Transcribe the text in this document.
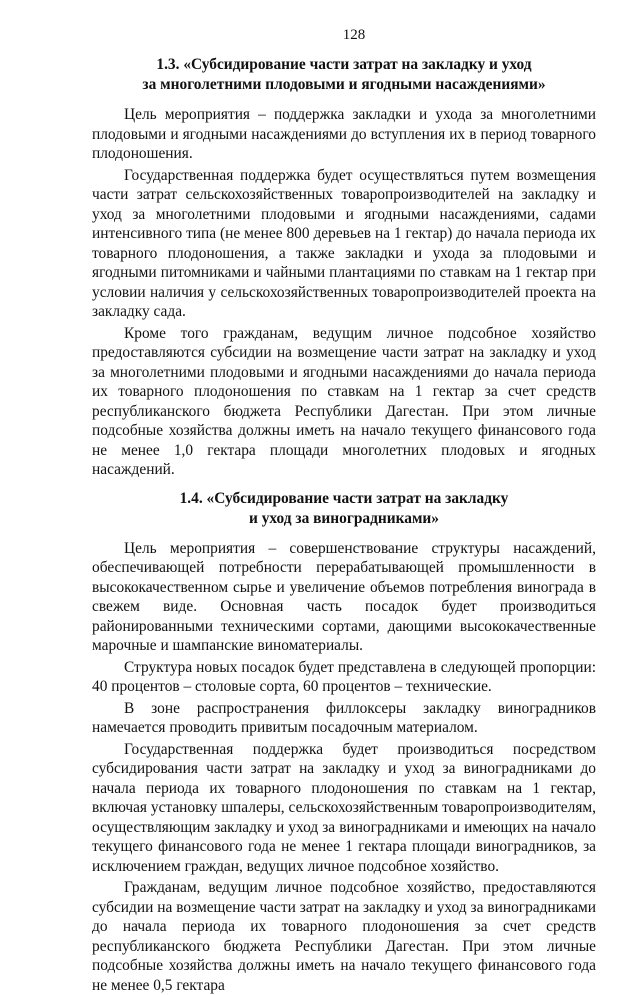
128
1.3. «Субсидирование части затрат на закладку и уход
за многолетними плодовыми и ягодными насаждениями»

Цель мероприятия – поддержка закладки и ухода за многолетними плодовыми и ягодными насаждениями до вступления их в период товарного плодоношения.

Государственная поддержка будет осуществляться путем возмещения части затрат сельскохозяйственных товаропроизводителей на закладку и уход за многолетними плодовыми и ягодными насаждениями, садами интенсивного типа (не менее 800 деревьев на 1 гектар) до начала периода их товарного плодоношения, а также закладки и ухода за плодовыми и ягодными питомниками и чайными плантациями по ставкам на 1 гектар при условии наличия у сельскохозяйственных товаропроизводителей проекта на закладку сада.

Кроме того гражданам, ведущим личное подсобное хозяйство предоставляются субсидии на возмещение части затрат на закладку и уход за многолетними плодовыми и ягодными насаждениями до начала периода их товарного плодоношения по ставкам на 1 гектар за счет средств республиканского бюджета Республики Дагестан. При этом личные подсобные хозяйства должны иметь на начало текущего финансового года не менее 1,0 гектара площади многолетних плодовых и ягодных насаждений.

1.4. «Субсидирование части затрат на закладку
и уход за виноградниками»

Цель мероприятия – совершенствование структуры насаждений, обеспечивающей потребности перерабатывающей промышленности в высококачественном сырье и увеличение объемов потребления винограда в свежем виде. Основная часть посадок будет производиться районированными техническими сортами, дающими высококачественные марочные и шампанские виноматериалы.

Структура новых посадок будет представлена в следующей пропорции: 40 процентов – столовые сорта, 60 процентов – технические.

В зоне распространения филлоксеры закладку виноградников намечается проводить привитым посадочным материалом.

Государственная поддержка будет производиться посредством субсидирования части затрат на закладку и уход за виноградниками до начала периода их товарного плодоношения по ставкам на 1 гектар, включая установку шпалеры, сельскохозяйственным товаропроизводителям, осуществляющим закладку и уход за виноградниками и имеющих на начало текущего финансового года не менее 1 гектара площади виноградников, за исключением граждан, ведущих личное подсобное хозяйство.

Гражданам, ведущим личное подсобное хозяйство, предоставляются субсидии на возмещение части затрат на закладку и уход за виноградниками до начала периода их товарного плодоношения за счет средств республиканского бюджета Республики Дагестан. При этом личные подсобные хозяйства должны иметь на начало текущего финансового года не менее 0,5 гектара
